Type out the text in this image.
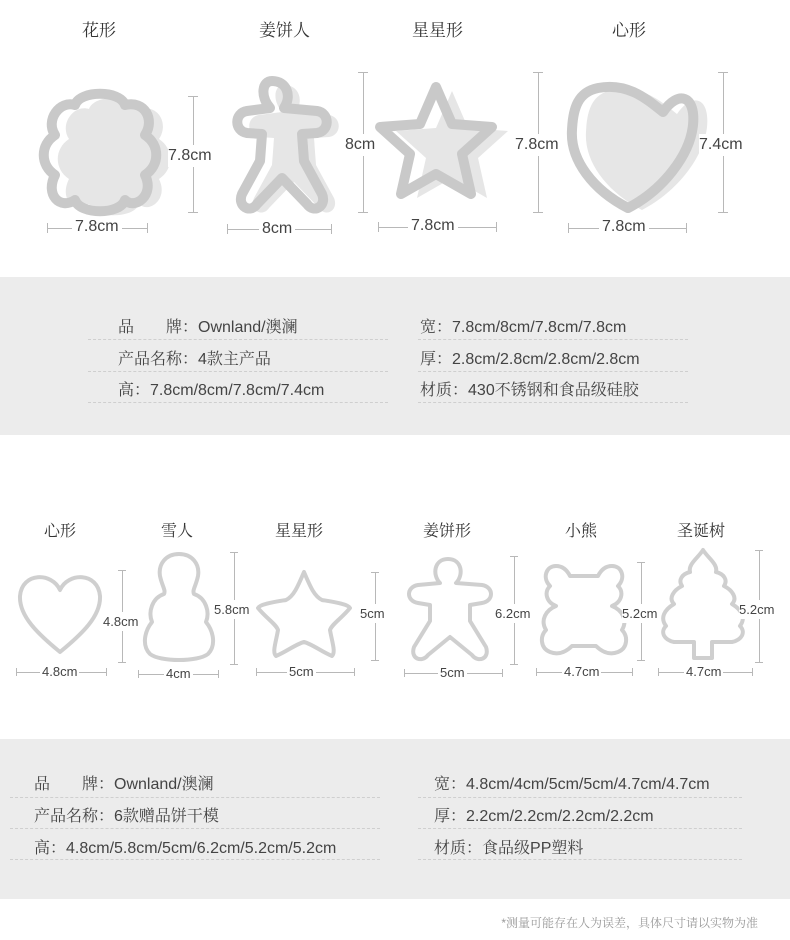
花形	姜饼人	星星形	心形
7.8cm
7.8cm
8cm
8cm
7.8cm
7.8cm
7.8cm
7.4cm
品　　牌：Ownland/澳澜
产品名称：4款主产品
高：7.8cm/8cm/7.8cm/7.4cm
宽：7.8cm/8cm/7.8cm/7.8cm
厚：2.8cm/2.8cm/2.8cm/2.8cm
材质：430不锈钢和食品级硅胶
心形	雪人	星星形	姜饼形	小熊	圣诞树
4.8cm
4.8cm
4cm
5.8cm
5cm
5cm
5cm
6.2cm
4.7cm
5.2cm
4.7cm
5.2cm
品　　牌：Ownland/澳澜
产品名称：6款赠品饼干模
高：4.8cm/5.8cm/5cm/6.2cm/5.2cm/5.2cm
宽：4.8cm/4cm/5cm/5cm/4.7cm/4.7cm
厚：2.2cm/2.2cm/2.2cm/2.2cm
材质：食品级PP塑料
*测量可能存在人为误差，具体尺寸请以实物为准
